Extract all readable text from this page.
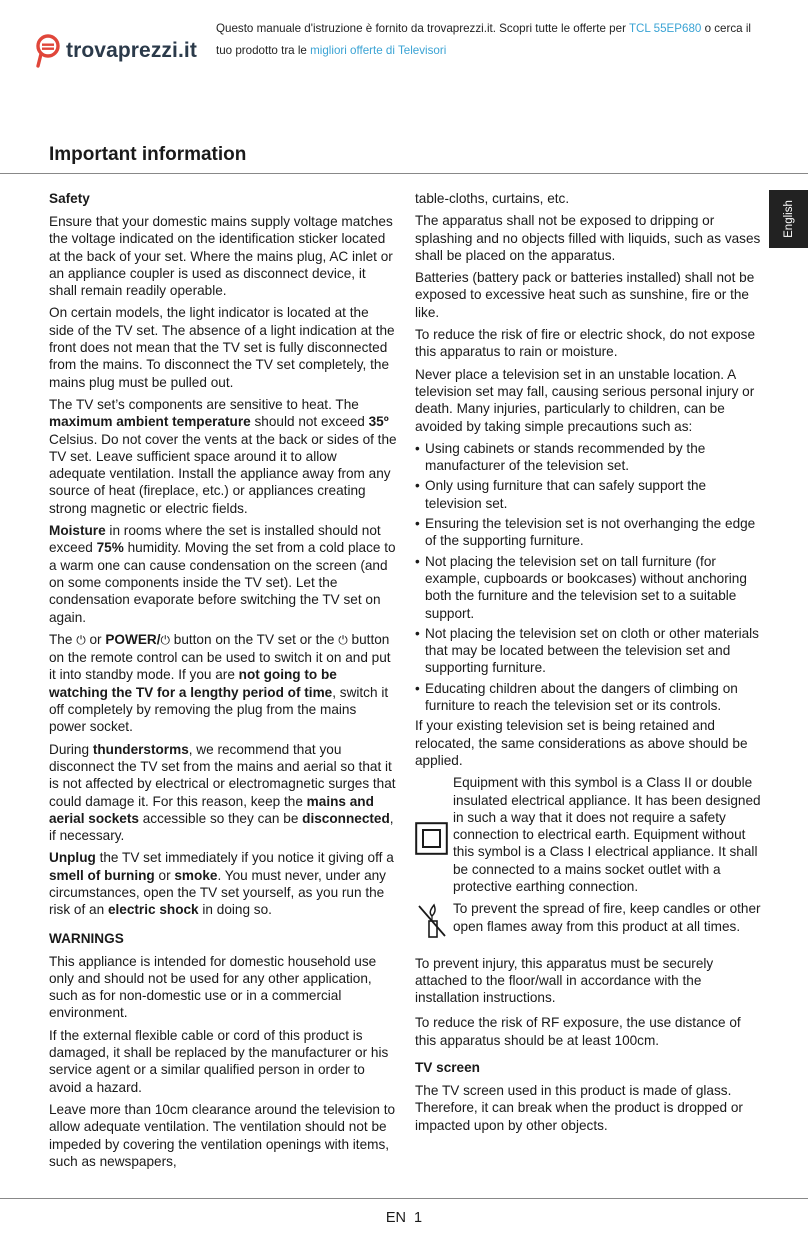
trovaprezzi.it
Questo manuale d'istruzione è fornito da trovaprezzi.it. Scopri tutte le offerte per TCL 55EP680 o cerca il
tuo prodotto tra le migliori offerte di Televisori
Important information
English
Safety

Ensure that your domestic mains supply voltage matches the voltage indicated on the identification sticker located at the back of your set. Where the mains plug, AC inlet or an appliance coupler is used as disconnect device, it shall remain readily operable.

On certain models, the light indicator is located at the side of the TV set. The absence of a light indication at the front does not mean that the TV set is fully disconnected from the mains. To disconnect the TV set completely, the mains plug must be pulled out.

The TV set’s components are sensitive to heat. The maximum ambient temperature should not exceed 35º Celsius. Do not cover the vents at the back or sides of the TV set. Leave sufficient space around it to allow adequate ventilation. Install the appliance away from any source of heat (fireplace, etc.) or appliances creating strong magnetic or electric fields.

Moisture in rooms where the set is installed should not exceed 75% humidity. Moving the set from a cold place to a warm one can cause condensation on the screen (and on some components inside the TV set). Let the condensation evaporate before switching the TV set on again.

The ⏻ or POWER/⏻ button on the TV set or the ⏻ button on the remote control can be used to switch it on and put it into standby mode. If you are not going to be watching the TV for a lengthy period of time, switch it off completely by removing the plug from the mains power socket.

During thunderstorms, we recommend that you disconnect the TV set from the mains and aerial so that it is not affected by electrical or electromagnetic surges that could damage it. For this reason, keep the mains and aerial sockets accessible so they can be disconnected, if necessary.

Unplug the TV set immediately if you notice it giving off a smell of burning or smoke. You must never, under any circumstances, open the TV set yourself, as you run the risk of an electric shock in doing so.

WARNINGS

This appliance is intended for domestic household use only and should not be used for any other application, such as for non-domestic use or in a commercial environment.

If the external flexible cable or cord of this product is damaged, it shall be replaced by the manufacturer or his service agent or a similar qualified person in order to avoid a hazard.

Leave more than 10cm clearance around the television to allow adequate ventilation. The ventilation should not be impeded by covering the ventilation openings with items, such as newspapers,

table-cloths, curtains, etc.

The apparatus shall not be exposed to dripping or splashing and no objects filled with liquids, such as vases shall be placed on the apparatus.

Batteries (battery pack or batteries installed) shall not be exposed to excessive heat such as sunshine, fire or the like.

To reduce the risk of fire or electric shock, do not expose this apparatus to rain or moisture.

Never place a television set in an unstable location. A television set may fall, causing serious personal injury or death. Many injuries, particularly to children, can be avoided by taking simple precautions such as:

• Using cabinets or stands recommended by the manufacturer of the television set.
• Only using furniture that can safely support the television set.
• Ensuring the television set is not overhanging the edge of the supporting furniture.
• Not placing the television set on tall furniture (for example, cupboards or bookcases) without anchoring both the furniture and the television set to a suitable support.
• Not placing the television set on cloth or other materials that may be located between the television set and supporting furniture.
• Educating children about the dangers of climbing on furniture to reach the television set or its controls.

If your existing television set is being retained and relocated, the same considerations as above should be applied.

Equipment with this symbol is a Class II or double insulated electrical appliance. It has been designed in such a way that it does not require a safety connection to electrical earth. Equipment without this symbol is a Class I electrical appliance. It shall be connected to a mains socket outlet with a protective earthing connection.

To prevent the spread of fire, keep candles or other open flames away from this product at all times.

To prevent injury, this apparatus must be securely attached to the floor/wall in accordance with the installation instructions.

To reduce the risk of RF exposure, the use distance of this apparatus should be at least 100cm.

TV screen

The TV screen used in this product is made of glass. Therefore, it can break when the product is dropped or impacted upon by other objects.

EN 1
